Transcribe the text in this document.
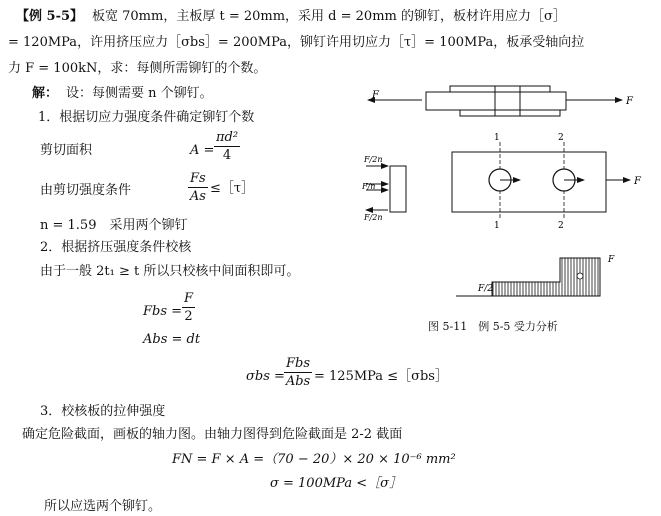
【例 5-5】 板宽 70mm，主板厚 t = 20mm，采用 d = 20mm 的铆钉，板材许用应力［σ］
= 120MPa，许用挤压应力［σbs］= 200MPa，铆钉许用切应力［τ］= 100MPa，板承受轴向拉
力 F = 100kN，求：每侧所需铆钉的个数。
解： 设：每侧需要 n 个铆钉。
1．根据切应力强度条件确定铆钉个数
剪切面积	$A = \frac{\text{πd²}}{4}$
由剪切强度条件	$\frac{Fs}{As}$ ≤［τ］
n = 1.59　采用两个铆钉
2．根据挤压强度条件校核
由于一般 2t₁ ≥ t 所以只校核中间面积即可。
Fbs = $\frac{F}{2}$
Abs = dt
σbs =
Fbs
Abs = 125MPa ≤［σbs］
3．校核板的拉伸强度
确定危险截面，画板的轴力图。由轴力图得到危险截面是 2-2 截面
FN = F × A =（70 − 20）× 20 × 10⁻⁶ mm²
σ = 100MPa <［σ］
所以应选两个铆钉。
F
F
F/2n
F/n
F/2n
1	2
1	2
F
F/2
F
图 5-11　例 5-5 受力分析
